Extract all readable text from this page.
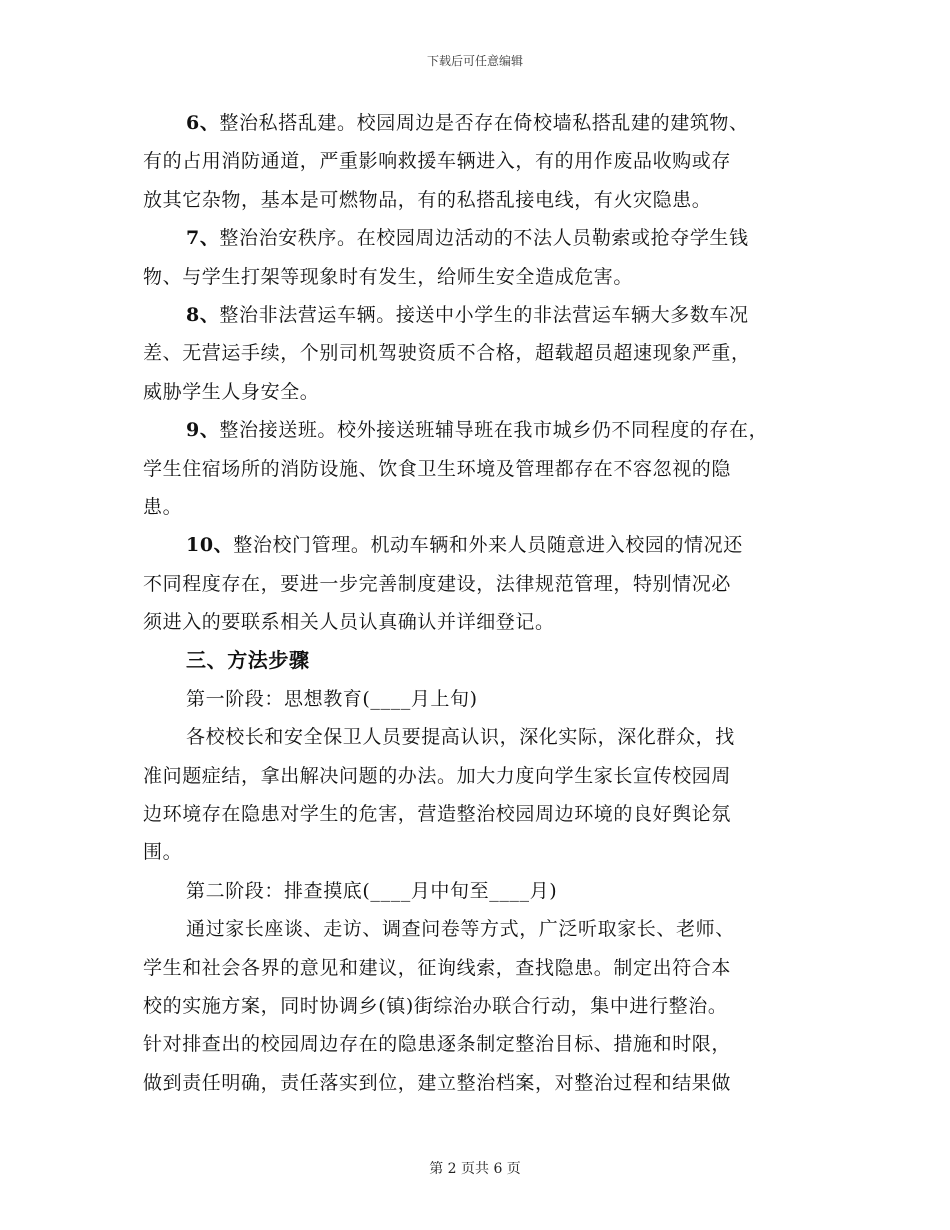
下载后可任意编辑
6、整治私搭乱建。校园周边是否存在倚校墙私搭乱建的建筑物、
有的占用消防通道，严重影响救援车辆进入，有的用作废品收购或存
放其它杂物，基本是可燃物品，有的私搭乱接电线，有火灾隐患。
7、整治治安秩序。在校园周边活动的不法人员勒索或抢夺学生钱
物、与学生打架等现象时有发生，给师生安全造成危害。
8、整治非法营运车辆。接送中小学生的非法营运车辆大多数车况
差、无营运手续，个别司机驾驶资质不合格，超载超员超速现象严重，
威胁学生人身安全。
9、整治接送班。校外接送班辅导班在我市城乡仍不同程度的存在，
学生住宿场所的消防设施、饮食卫生环境及管理都存在不容忽视的隐
患。
10、整治校门管理。机动车辆和外来人员随意进入校园的情况还
不同程度存在，要进一步完善制度建设，法律规范管理，特别情况必
须进入的要联系相关人员认真确认并详细登记。
三、方法步骤
第一阶段：思想教育(____月上旬)
各校校长和安全保卫人员要提高认识，深化实际，深化群众，找
准问题症结，拿出解决问题的办法。加大力度向学生家长宣传校园周
边环境存在隐患对学生的危害，营造整治校园周边环境的良好舆论氛
围。
第二阶段：排查摸底(____月中旬至____月)
通过家长座谈、走访、调查问卷等方式，广泛听取家长、老师、
学生和社会各界的意见和建议，征询线索，查找隐患。制定出符合本
校的实施方案，同时协调乡(镇)街综治办联合行动，集中进行整治。
针对排查出的校园周边存在的隐患逐条制定整治目标、措施和时限，
做到责任明确，责任落实到位，建立整治档案，对整治过程和结果做
第 2 页共 6 页
